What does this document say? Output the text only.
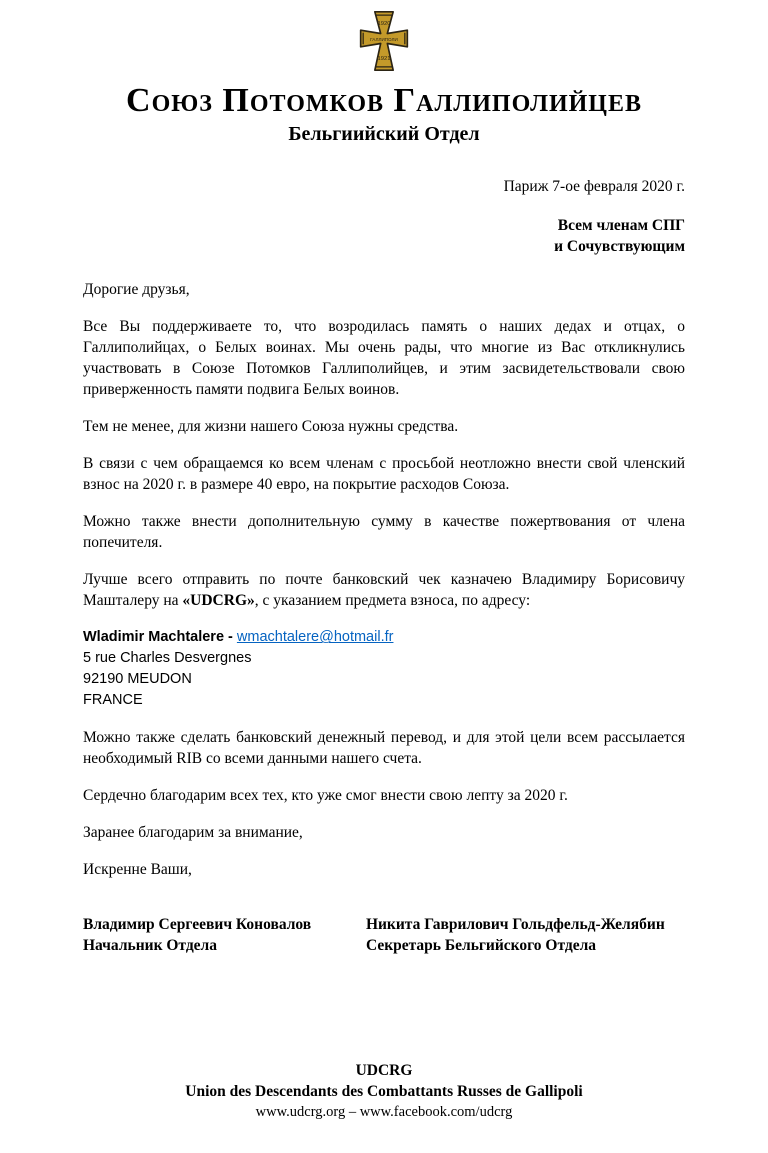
1920
ГАЛЛИПОЛИ
1921
Союз Потомков Галлиполийцев
Бельгиийский Отдел
Париж 7-ое февраля 2020 г.
Всем членам СПГ
и Сочувствующим

Дорогие друзья,

Все Вы поддерживаете то, что возродилась память о наших дедах и отцах, о Галлиполийцах, о Белых воинах. Мы очень рады, что многие из Вас откликнулись участвовать в Союзе Потомков Галлиполийцев, и этим засвидетельствовали свою приверженность памяти подвига Белых воинов.

Тем не менее, для жизни нашего Союза нужны средства.

В связи с чем обращаемся ко всем членам с просьбой неотложно внести свой членский взнос на 2020 г. в размере 40 евро, на покрытие расходов Союза.

Можно также внести дополнительную сумму в качестве пожертвования от члена попечителя.

Лучше всего отправить по почте банковский чек казначею Владимиру Борисовичу Машталеру на «UDCRG», с указанием предмета взноса, по адресу:

Wladimir Machtalere - wmachtalere@hotmail.fr
5 rue Charles Desvergnes
92190 MEUDON
FRANCE

Можно также сделать банковский денежный перевод, и для этой цели всем рассылается необходимый RIB со всеми данными нашего счета.

Сердечно благодарим всех тех, кто уже смог внести свою лепту за 2020 г.

Заранее благодарим за внимание,

Искренне Ваши,

Владимир Сергеевич Коновалов
Начальник Отдела
Никита Гаврилович Гольдфельд-Желябин
Секретарь Бельгийского Отдела
UDCRG
Union des Descendants des Combattants Russes de Gallipoli
www.udcrg.org – www.facebook.com/udcrg
